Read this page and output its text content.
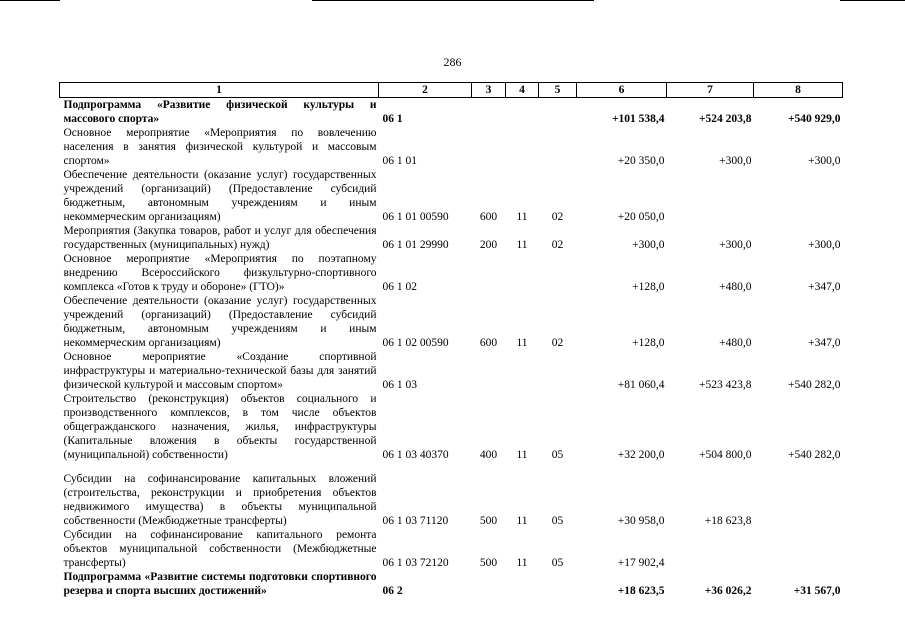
286
1	2	3	4	5	6	7	8
Подпрограмма «Развитие физической культуры и массового спорта»	06 1				+101 538,4	+524 203,8	+540 929,0
Основное мероприятие «Мероприятия по вовлечению населения в занятия физической культурой и массовым спортом»	06 1 01				+20 350,0	+300,0	+300,0
Обеспечение деятельности (оказание услуг) государственных учреждений (организаций) (Предоставление субсидий бюджетным, автономным учреждениям и иным некоммерческим организациям)	06 1 01 00590	600	11	02	+20 050,0		
Мероприятия (Закупка товаров, работ и услуг для обеспечения государственных (муниципальных) нужд)	06 1 01 29990	200	11	02	+300,0	+300,0	+300,0
Основное мероприятие «Мероприятия по поэтапному внедрению Всероссийского физкультурно-спортивного комплекса «Готов к труду и обороне» (ГТО)»	06 1 02				+128,0	+480,0	+347,0
Обеспечение деятельности (оказание услуг) государственных учреждений (организаций) (Предоставление субсидий бюджетным, автономным учреждениям и иным некоммерческим организациям)	06 1 02 00590	600	11	02	+128,0	+480,0	+347,0
Основное мероприятие «Создание спортивной инфраструктуры и материально-технической базы для занятий физической культурой и массовым спортом»	06 1 03				+81 060,4	+523 423,8	+540 282,0
Строительство (реконструкция) объектов социального и производственного комплексов, в том числе объектов общегражданского назначения, жилья, инфраструктуры (Капитальные вложения в объекты государственной (муниципальной) собственности)	06 1 03 40370	400	11	05	+32 200,0	+504 800,0	+540 282,0
Субсидии на софинансирование капитальных вложений (строительства, реконструкции и приобретения объектов недвижимого имущества) в объекты муниципальной собственности (Межбюджетные трансферты)	06 1 03 71120	500	11	05	+30 958,0	+18 623,8	
Субсидии на софинансирование капитального ремонта объектов муниципальной собственности (Межбюджетные трансферты)	06 1 03 72120	500	11	05	+17 902,4		
Подпрограмма «Развитие системы подготовки спортивного резерва и спорта высших достижений»	06 2				+18 623,5	+36 026,2	+31 567,0
